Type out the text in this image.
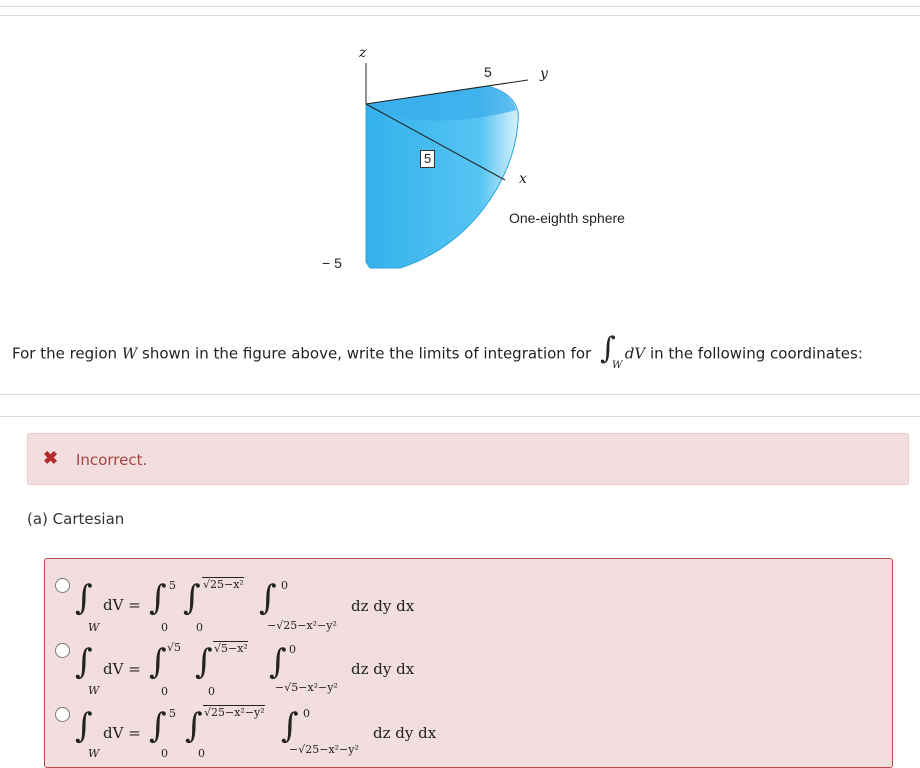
z
5	y
5
x
One-eighth sphere
− 5
For the region W shown in the figure above, write the limits of integration for ∫
W
dV in the following coordinates:
✖ Incorrect.
(a) Cartesian
∫
W
dV = ∫ 5
0
∫ √25−x²
0
∫ 0
−√25−x²−y²
dz dy dx
∫
W
dV = ∫ √5
0
∫ √5−x²
0
∫ 0
−√5−x²−y²
dz dy dx
∫
W
dV = ∫ 5
0
∫ √25−x²−y²
0
∫ 0
−√25−x²−y²
dz dy dx
